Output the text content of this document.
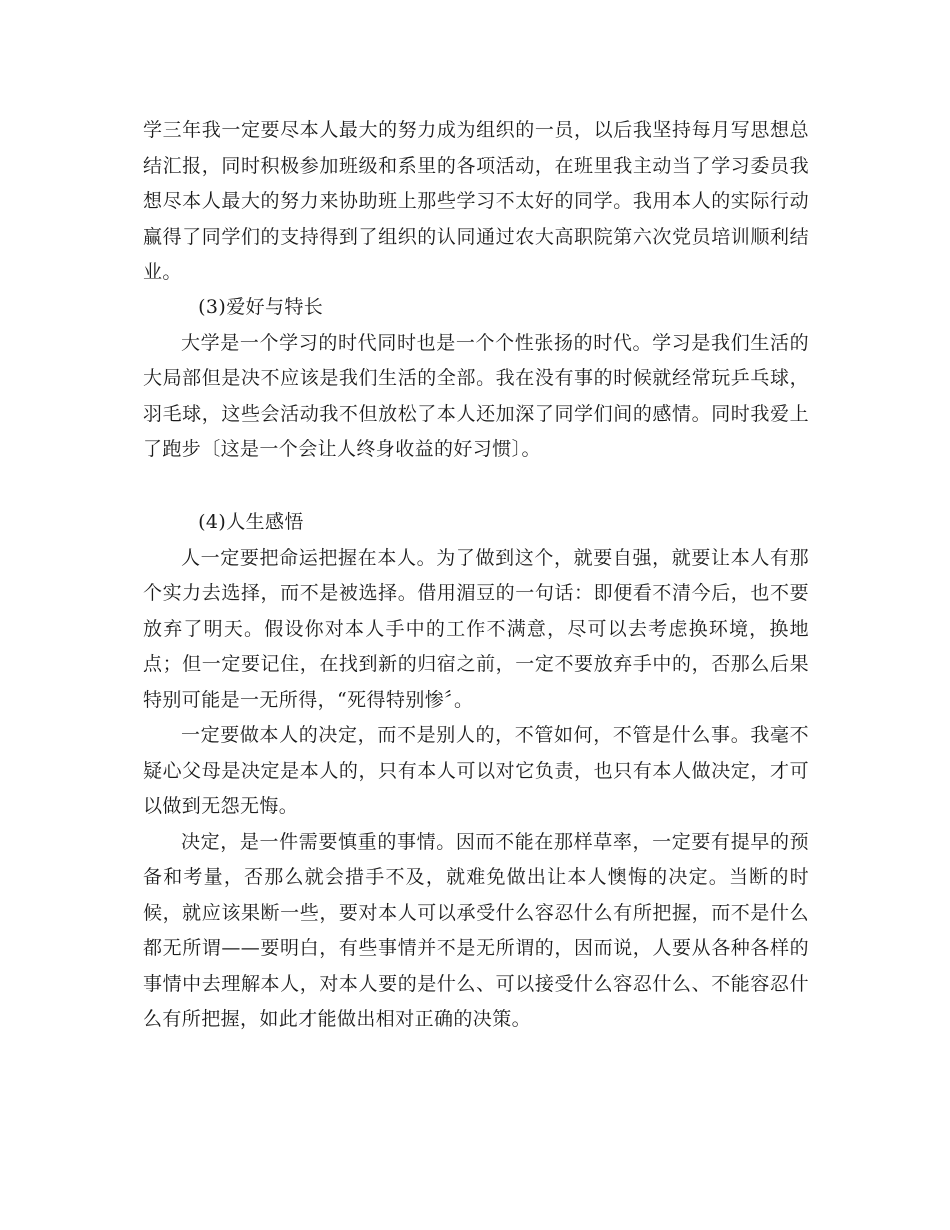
学三年我一定要尽本人最大的努力成为组织的一员，以后我坚持每月写思想总结汇报，同时积极参加班级和系里的各项活动，在班里我主动当了学习委员我想尽本人最大的努力来协助班上那些学习不太好的同学。我用本人的实际行动赢得了同学们的支持得到了组织的认同通过农大高职院第六次党员培训顺利结业。

(3)爱好与特长

大学是一个学习的时代同时也是一个个性张扬的时代。学习是我们生活的大局部但是决不应该是我们生活的全部。我在没有事的时候就经常玩乒乓球，羽毛球，这些会活动我不但放松了本人还加深了同学们间的感情。同时我爱上了跑步〔这是一个会让人终身收益的好习惯〕。

(4)人生感悟

人一定要把命运把握在本人。为了做到这个，就要自强，就要让本人有那个实力去选择，而不是被选择。借用湄豆的一句话：即便看不清今后，也不要放弃了明天。假设你对本人手中的工作不满意，尽可以去考虑换环境，换地点；但一定要记住，在找到新的归宿之前，一定不要放弃手中的，否那么后果特别可能是一无所得，“死得特别惨〞。

一定要做本人的决定，而不是别人的，不管如何，不管是什么事。我毫不疑心父母是决定是本人的，只有本人可以对它负责，也只有本人做决定，才可以做到无怨无悔。

决定，是一件需要慎重的事情。因而不能在那样草率，一定要有提早的预备和考量，否那么就会措手不及，就难免做出让本人懊悔的决定。当断的时候，就应该果断一些，要对本人可以承受什么容忍什么有所把握，而不是什么都无所谓——要明白，有些事情并不是无所谓的，因而说，人要从各种各样的事情中去理解本人，对本人要的是什么、可以接受什么容忍什么、不能容忍什么有所把握，如此才能做出相对正确的决策。
